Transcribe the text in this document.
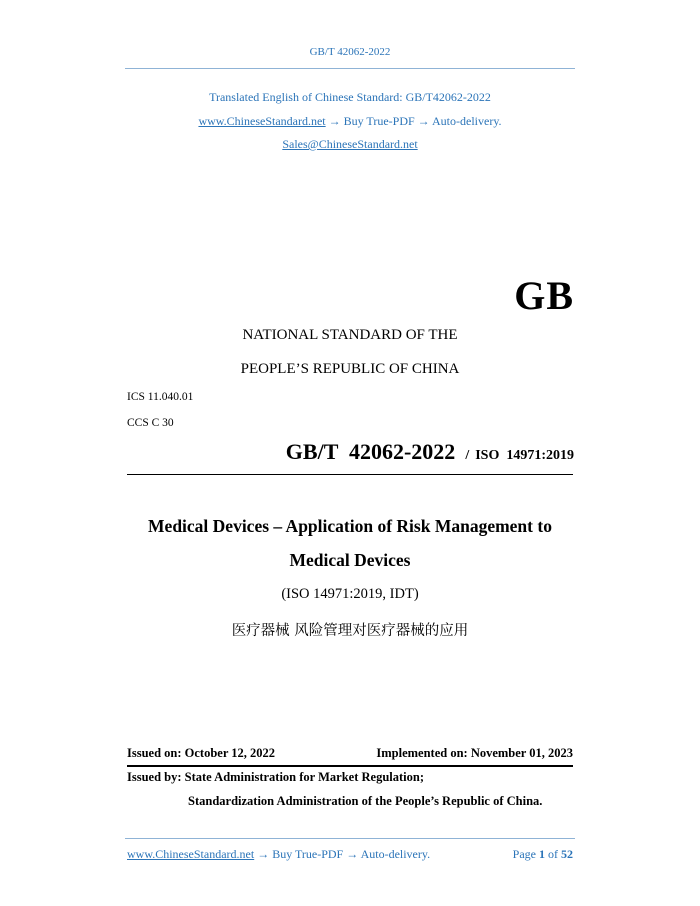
GB/T 42062-2022
Translated English of Chinese Standard: GB/T42062-2022
www.ChineseStandard.net → Buy True-PDF → Auto-delivery.
Sales@ChineseStandard.net
GB
NATIONAL STANDARD OF THE
PEOPLE’S REPUBLIC OF CHINA
ICS 11.040.01
CCS C 30
GB/T  42062-2022 / ISO  14971:2019
Medical Devices – Application of Risk Management to
Medical Devices
(ISO 14971:2019, IDT)
医疗器械 风险管理对医疗器械的应用
Issued on: October 12, 2022	Implemented on: November 01, 2023
Issued by: State Administration for Market Regulation;
Standardization Administration of the People’s Republic of China.
www.ChineseStandard.net → Buy True-PDF → Auto-delivery.	Page 1 of 52
